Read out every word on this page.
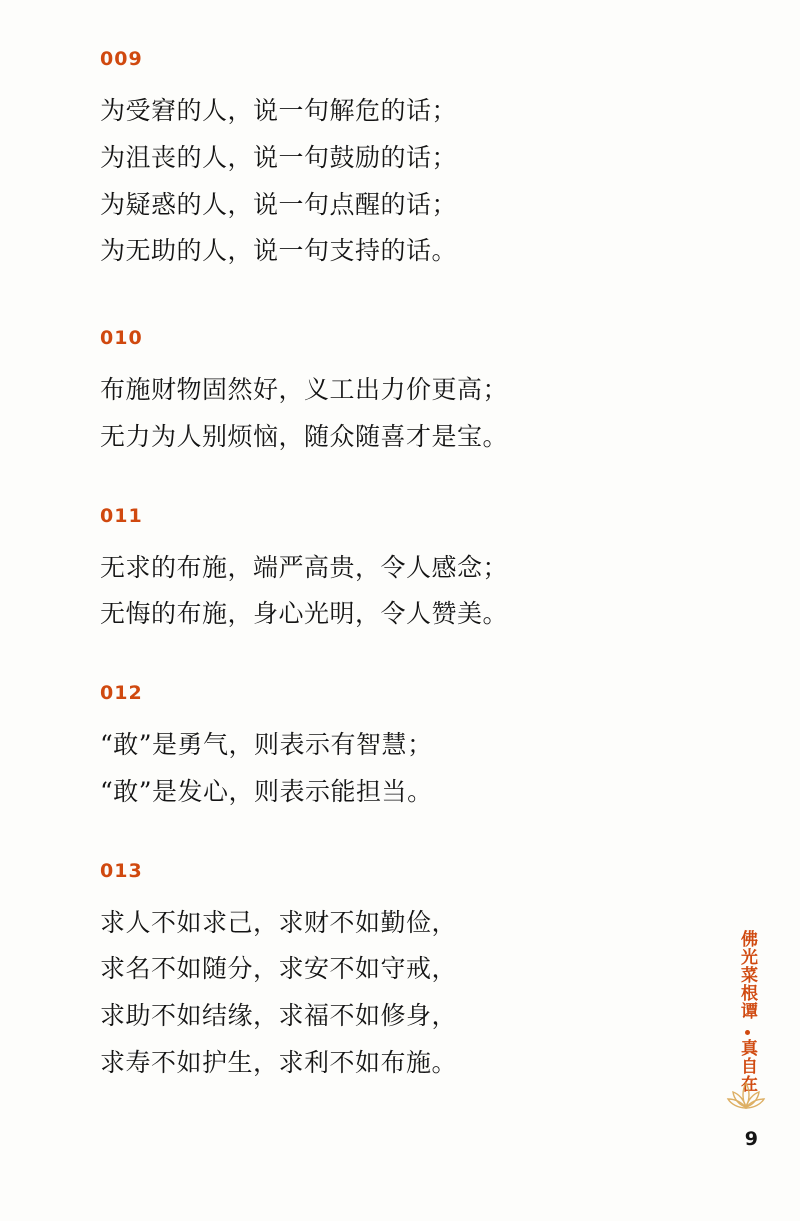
009
为受窘的人，说一句解危的话；
为沮丧的人，说一句鼓励的话；
为疑惑的人，说一句点醒的话；
为无助的人，说一句支持的话。
010
布施财物固然好，义工出力价更高；
无力为人别烦恼，随众随喜才是宝。
011
无求的布施，端严高贵，令人感念；
无悔的布施，身心光明，令人赞美。
012
“敢”是勇气，则表示有智慧；
“敢”是发心，则表示能担当。
013
求人不如求己，求财不如勤俭，
求名不如随分，求安不如守戒，
求助不如结缘，求福不如修身，
求寿不如护生，求利不如布施。
佛光菜根谭
真自在
9
